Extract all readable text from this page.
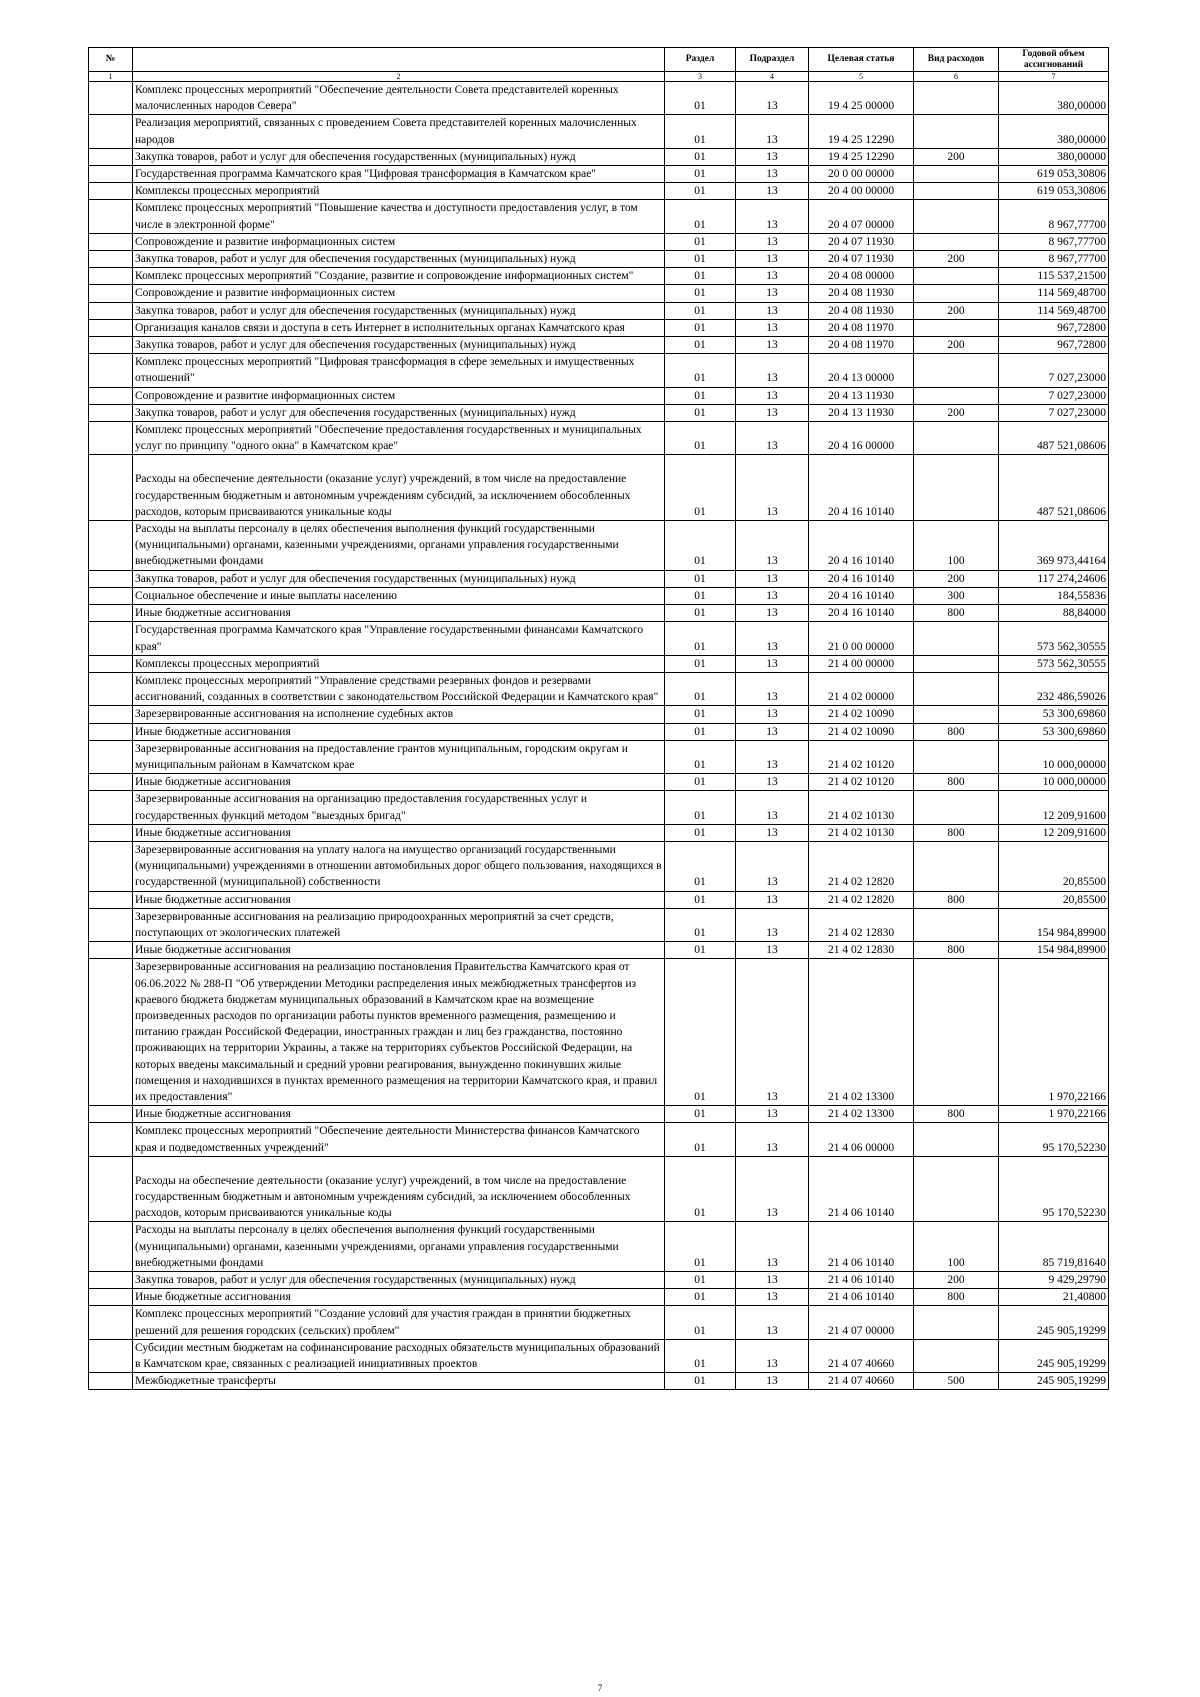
№		Раздел	Подраздел	Целевая статья	Вид расходов	Годовой объем ассигнований
1	2	3	4	5	6	7
	Комплекс процессных мероприятий "Обеспечение деятельности Совета представителей коренных малочисленных народов Севера"	01	13	19 4 25 00000		380,00000
	Реализация мероприятий, связанных с проведением Совета представителей коренных малочисленных народов	01	13	19 4 25 12290		380,00000
	Закупка товаров, работ и услуг для обеспечения государственных (муниципальных) нужд	01	13	19 4 25 12290	200	380,00000
	Государственная программа Камчатского края "Цифровая трансформация в Камчатском крае"	01	13	20 0 00 00000		619 053,30806
	Комплексы процессных мероприятий	01	13	20 4 00 00000		619 053,30806
	Комплекс процессных мероприятий "Повышение качества и доступности предоставления услуг, в том числе в электронной форме"	01	13	20 4 07 00000		8 967,77700
	Сопровождение и развитие информационных систем	01	13	20 4 07 11930		8 967,77700
	Закупка товаров, работ и услуг для обеспечения государственных (муниципальных) нужд	01	13	20 4 07 11930	200	8 967,77700
	Комплекс процессных мероприятий "Создание, развитие и сопровождение информационных систем"	01	13	20 4 08 00000		115 537,21500
	Сопровождение и развитие информационных систем	01	13	20 4 08 11930		114 569,48700
	Закупка товаров, работ и услуг для обеспечения государственных (муниципальных) нужд	01	13	20 4 08 11930	200	114 569,48700
	Организация каналов связи и доступа в сеть Интернет в исполнительных органах Камчатского края	01	13	20 4 08 11970		967,72800
	Закупка товаров, работ и услуг для обеспечения государственных (муниципальных) нужд	01	13	20 4 08 11970	200	967,72800
	Комплекс процессных мероприятий "Цифровая трансформация в сфере земельных и имущественных отношений"	01	13	20 4 13 00000		7 027,23000
	Сопровождение и развитие информационных систем	01	13	20 4 13 11930		7 027,23000
	Закупка товаров, работ и услуг для обеспечения государственных (муниципальных) нужд	01	13	20 4 13 11930	200	7 027,23000
	Комплекс процессных мероприятий "Обеспечение предоставления государственных и муниципальных услуг по принципу "одного окна" в Камчатском крае"	01	13	20 4 16 00000		487 521,08606
	Расходы на обеспечение деятельности (оказание услуг) учреждений, в том числе на предоставление государственным бюджетным и автономным учреждениям субсидий, за исключением обособленных расходов, которым присваиваются уникальные коды	01	13	20 4 16 10140		487 521,08606
	Расходы на выплаты персоналу в целях обеспечения выполнения функций государственными (муниципальными) органами, казенными учреждениями, органами управления государственными внебюджетными фондами	01	13	20 4 16 10140	100	369 973,44164
	Закупка товаров, работ и услуг для обеспечения государственных (муниципальных) нужд	01	13	20 4 16 10140	200	117 274,24606
	Социальное обеспечение и иные выплаты населению	01	13	20 4 16 10140	300	184,55836
	Иные бюджетные ассигнования	01	13	20 4 16 10140	800	88,84000
	Государственная программа Камчатского края "Управление государственными финансами Камчатского края"	01	13	21 0 00 00000		573 562,30555
	Комплексы процессных мероприятий	01	13	21 4 00 00000		573 562,30555
	Комплекс процессных мероприятий "Управление средствами резервных фондов и резервами ассигнований, созданных в соответствии с законодательством Российской Федерации и Камчатского края"	01	13	21 4 02 00000		232 486,59026
	Зарезервированные ассигнования на исполнение судебных актов	01	13	21 4 02 10090		53 300,69860
	Иные бюджетные ассигнования	01	13	21 4 02 10090	800	53 300,69860
	Зарезервированные ассигнования на предоставление грантов муниципальным, городским округам и муниципальным районам в Камчатском крае	01	13	21 4 02 10120		10 000,00000
	Иные бюджетные ассигнования	01	13	21 4 02 10120	800	10 000,00000
	Зарезервированные ассигнования на организацию предоставления государственных услуг и государственных функций методом "выездных бригад"	01	13	21 4 02 10130		12 209,91600
	Иные бюджетные ассигнования	01	13	21 4 02 10130	800	12 209,91600
	Зарезервированные ассигнования на уплату налога на имущество организаций государственными (муниципальными) учреждениями в отношении автомобильных дорог общего пользования, находящихся в государственной (муниципальной) собственности	01	13	21 4 02 12820		20,85500
	Иные бюджетные ассигнования	01	13	21 4 02 12820	800	20,85500
	Зарезервированные ассигнования на реализацию природоохранных мероприятий за счет средств, поступающих от экологических платежей	01	13	21 4 02 12830		154 984,89900
	Иные бюджетные ассигнования	01	13	21 4 02 12830	800	154 984,89900
	Зарезервированные ассигнования на реализацию постановления Правительства Камчатского края от 06.06.2022 № 288-П "Об утверждении Методики распределения иных межбюджетных трансфертов из краевого бюджета бюджетам муниципальных образований в Камчатском крае на возмещение произведенных расходов по организации работы пунктов временного размещения, размещению и питанию граждан Российской Федерации, иностранных граждан и лиц без гражданства, постоянно проживающих на территории Украины, а также на территориях субъектов Российской Федерации, на которых введены максимальный и средний уровни реагирования, вынужденно покинувших жилые помещения и находившихся в пунктах временного размещения на территории Камчатского края, и правил их предоставления"	01	13	21 4 02 13300		1 970,22166
	Иные бюджетные ассигнования	01	13	21 4 02 13300	800	1 970,22166
	Комплекс процессных мероприятий "Обеспечение деятельности Министерства финансов Камчатского края и подведомственных учреждений"	01	13	21 4 06 00000		95 170,52230
	Расходы на обеспечение деятельности (оказание услуг) учреждений, в том числе на предоставление государственным бюджетным и автономным учреждениям субсидий, за исключением обособленных расходов, которым присваиваются уникальные коды	01	13	21 4 06 10140		95 170,52230
	Расходы на выплаты персоналу в целях обеспечения выполнения функций государственными (муниципальными) органами, казенными учреждениями, органами управления государственными внебюджетными фондами	01	13	21 4 06 10140	100	85 719,81640
	Закупка товаров, работ и услуг для обеспечения государственных (муниципальных) нужд	01	13	21 4 06 10140	200	9 429,29790
	Иные бюджетные ассигнования	01	13	21 4 06 10140	800	21,40800
	Комплекс процессных мероприятий "Создание условий для участия граждан в принятии бюджетных решений для решения городских (сельских) проблем"	01	13	21 4 07 00000		245 905,19299
	Субсидии местным бюджетам на софинансирование расходных обязательств муниципальных образований в Камчатском крае, связанных с реализацией инициативных проектов	01	13	21 4 07 40660		245 905,19299
	Межбюджетные трансферты	01	13	21 4 07 40660	500	245 905,19299
7
